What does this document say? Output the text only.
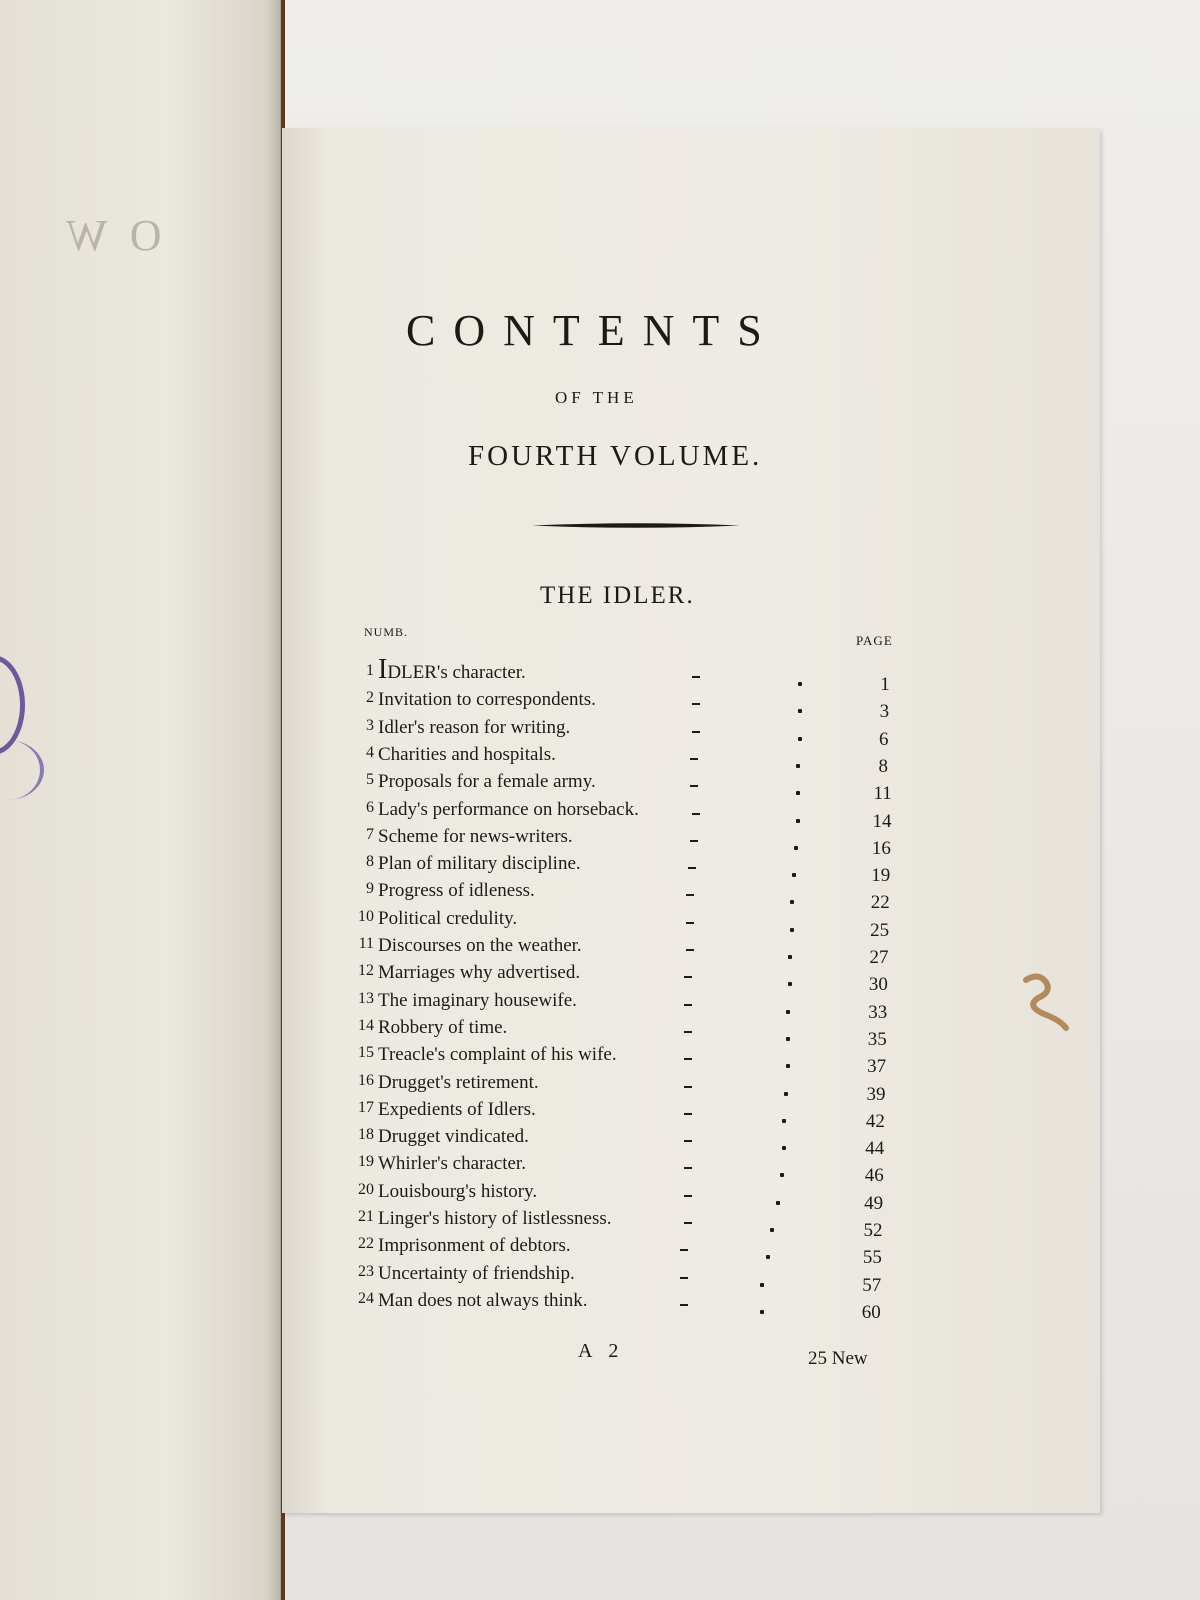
O W
CONTENTS
OF THE
FOURTH VOLUME.
THE IDLER.
NUMB.
PAGE
1 IDLER's character.
1
2 Invitation to correspondents.
3
3 Idler's reason for writing.
6
4 Charities and hospitals.
8
5 Proposals for a female army.
11
6 Lady's performance on horseback.
14
7 Scheme for news-writers.
16
8 Plan of military discipline.
19
9 Progress of idleness.
22
10 Political credulity.
25
11 Discourses on the weather.
27
12 Marriages why advertised.
30
13 The imaginary housewife.
33
14 Robbery of time.
35
15 Treacle's complaint of his wife.
37
16 Drugget's retirement.
39
17 Expedients of Idlers.
42
18 Drugget vindicated.
44
19 Whirler's character.
46
20 Louisbourg's history.
49
21 Linger's history of listlessness.
52
22 Imprisonment of debtors.
55
23 Uncertainty of friendship.
57
24 Man does not always think.
60
A 2	25 New
